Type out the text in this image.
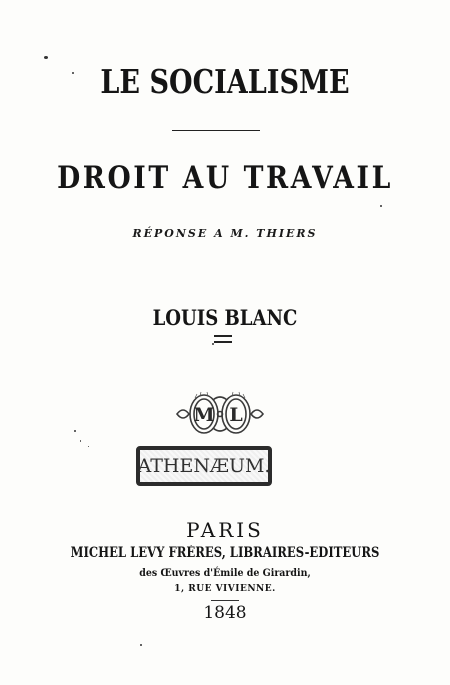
LE SOCIALISME
DROIT AU TRAVAIL
RÉPONSE A M. THIERS
LOUIS BLANC
M L
ATHENÆUM.
PARIS
MICHEL LEVY FRÈRES, LIBRAIRES-EDITEURS
des Œuvres d'Émile de Girardin,
1, RUE VIVIENNE.
1848
